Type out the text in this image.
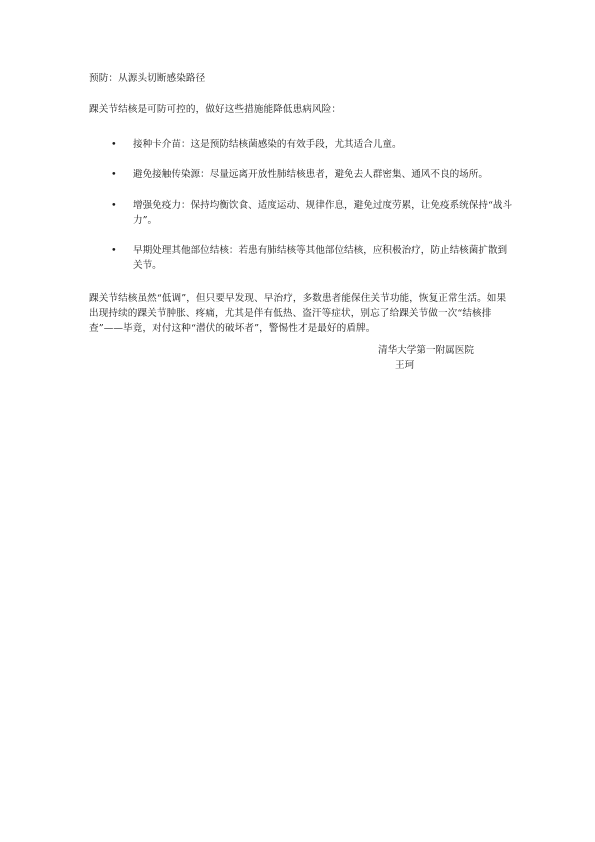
预防：从源头切断感染路径

踝关节结核是可防可控的，做好这些措施能降低患病风险：

• 接种卡介苗：这是预防结核菌感染的有效手段，尤其适合儿童。

• 避免接触传染源：尽量远离开放性肺结核患者，避免去人群密集、通风不良的场所。

• 增强免疫力：保持均衡饮食、适度运动、规律作息，避免过度劳累，让免疫系统保持“战斗力”。

• 早期处理其他部位结核：若患有肺结核等其他部位结核，应积极治疗，防止结核菌扩散到关节。

踝关节结核虽然“低调”，但只要早发现、早治疗，多数患者能保住关节功能，恢复正常生活。如果出现持续的踝关节肿胀、疼痛，尤其是伴有低热、盗汗等症状，别忘了给踝关节做一次“结核排查”——毕竟，对付这种“潜伏的破坏者”，警惕性才是最好的盾牌。

清华大学第一附属医院
王珂
